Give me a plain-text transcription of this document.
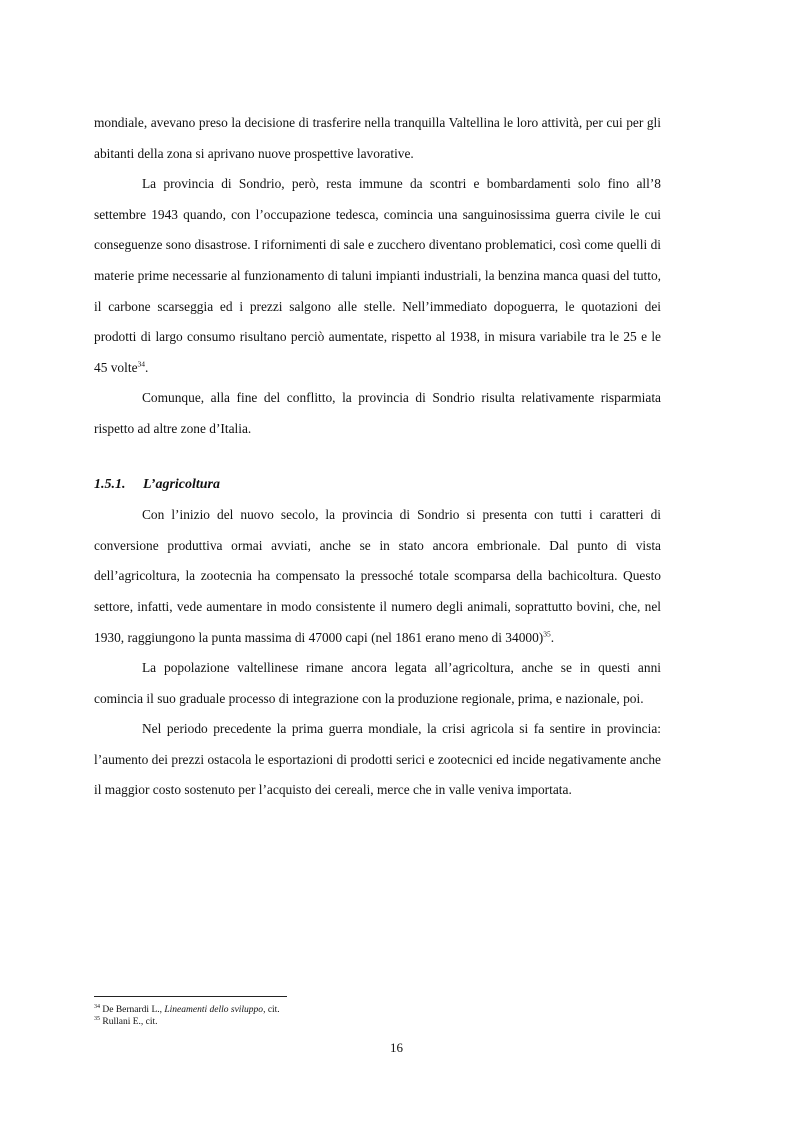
mondiale, avevano preso la decisione di trasferire nella tranquilla Valtellina le loro attività, per cui per gli abitanti della zona si aprivano nuove prospettive lavorative.

La provincia di Sondrio, però, resta immune da scontri e bombardamenti solo fino all’8 settembre 1943 quando, con l’occupazione tedesca, comincia una sanguinosissima guerra civile le cui conseguenze sono disastrose. I rifornimenti di sale e zucchero diventano problematici, così come quelli di materie prime necessarie al funzionamento di taluni impianti industriali, la benzina manca quasi del tutto, il carbone scarseggia ed i prezzi salgono alle stelle. Nell’immediato dopoguerra, le quotazioni dei prodotti di largo consumo risultano perciò aumentate, rispetto al 1938, in misura variabile tra le 25 e le 45 volte$^{34}$.

Comunque, alla fine del conflitto, la provincia di Sondrio risulta relativamente risparmiata rispetto ad altre zone d’Italia.

1.5.1. L’agricoltura

Con l’inizio del nuovo secolo, la provincia di Sondrio si presenta con tutti i caratteri di conversione produttiva ormai avviati, anche se in stato ancora embrionale. Dal punto di vista dell’agricoltura, la zootecnia ha compensato la pressoché totale scomparsa della bachicoltura. Questo settore, infatti, vede aumentare in modo consistente il numero degli animali, soprattutto bovini, che, nel 1930, raggiungono la punta massima di 47000 capi (nel 1861 erano meno di 34000)$^{35}$.

La popolazione valtellinese rimane ancora legata all’agricoltura, anche se in questi anni comincia il suo graduale processo di integrazione con la produzione regionale, prima, e nazionale, poi.

Nel periodo precedente la prima guerra mondiale, la crisi agricola si fa sentire in provincia: l’aumento dei prezzi ostacola le esportazioni di prodotti serici e zootecnici ed incide negativamente anche il maggior costo sostenuto per l’acquisto dei cereali, merce che in valle veniva importata.

$^{34}$ De Bernardi L., Lineamenti dello sviluppo, cit.
$^{35}$ Rullani E., cit.
16
